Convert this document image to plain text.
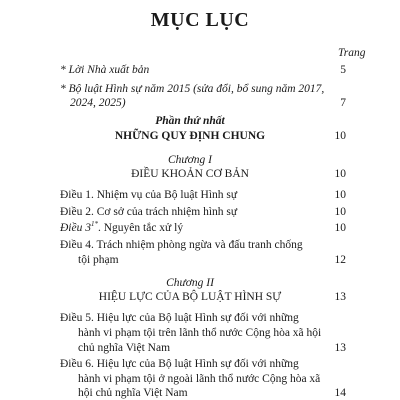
MỤC LỤC
Trang
* Lời Nhà xuất bản	5
* Bộ luật Hình sự năm 2015 (sửa đổi, bổ sung năm 2017,
2024, 2025)	7
Phần thứ nhất
NHỮNG QUY ĐỊNH CHUNG	10
Chương I
ĐIỀU KHOẢN CƠ BẢN	10
Điều 1. Nhiệm vụ của Bộ luật Hình sự	10
Điều 2. Cơ sở của trách nhiệm hình sự	10
Điều $3^{1*}$. Nguyên tắc xử lý	10
Điều 4. Trách nhiệm phòng ngừa và đấu tranh chống
tội phạm	12
Chương II
HIỆU LỰC CỦA BỘ LUẬT HÌNH SỰ	13
Điều 5. Hiệu lực của Bộ luật Hình sự đối với những
hành vi phạm tội trên lãnh thổ nước Cộng hòa xã hội
chủ nghĩa Việt Nam	13
Điều 6. Hiệu lực của Bộ luật Hình sự đối với những
hành vi phạm tội ở ngoài lãnh thổ nước Cộng hòa xã
hội chủ nghĩa Việt Nam	14
